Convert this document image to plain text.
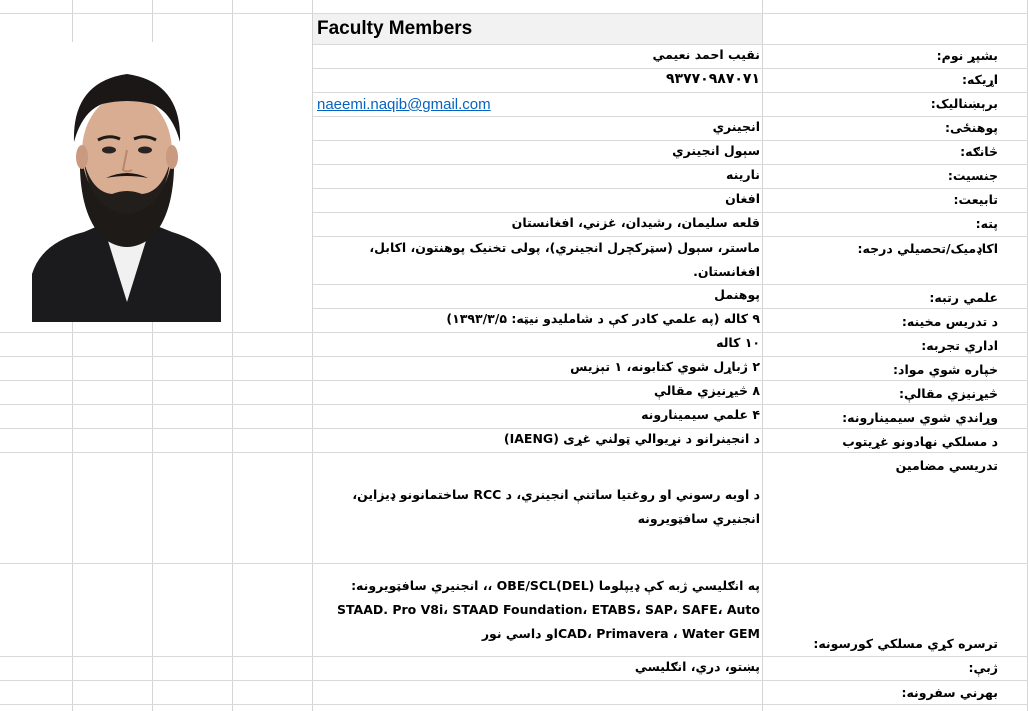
Faculty Members
بشپړ نوم:
اړیکه:
برېښنالیک:
پوهنځی:
څانګه:
جنسیت:
تابیعت:
پته:
اکاډمیک/تحصیلي درجه:
علمي رتبه:
د تدریس مخینه:
اداري تجربه:
خپاره شوي مواد:
څیړنیزي مقالې:
وړاندي شوي سیمینارونه:
د مسلکي نهادونو غړیتوب
تدریسي مضامین
ترسره کړي مسلکي کورسونه:
ژبې:
بهرني سفرونه:
نقیب احمد نعیمي
۹۳۷۷۰۹۸۷۰۷۱
naeemi.naqib@gmail.com
انجینري
سېول انجینري
نارینه
افغان
قلعه سلیمان، رشیدان، غزني، افغانستان
ماستر، سېول (سټرکچرل انجینري)، پولی تخنیک پوهنتون، اکابل، افغانستان.
پوهنمل
۹ کاله (په علمي کادر کې د شاملیدو نیټه: ۱۳۹۳/۳/۵)
۱۰ کاله
۲ ژباړل شوي کتابونه، ۱ تېزیس
۸ څیړنیزي مقالې
۴ علمي سیمینارونه
د انجینرانو د نړیوالي ټولني غړی (IAENG)
د اوبه رسوني او روغتیا ساتنې انجینري، د RCC ساختمانونو ډیزاین، انجنیري سافټویرونه
په انګلیسي ژبه کې ډیپلوما (OBE/SCL(DEL ،، انجنیري سافټویرونه: STAAD. Pro V8i، STAAD Foundation، ETABS، SAP، SAFE، Auto CAD، Primavera ، Water GEMاو داسي نور
پښتو، دري، انګلیسي
